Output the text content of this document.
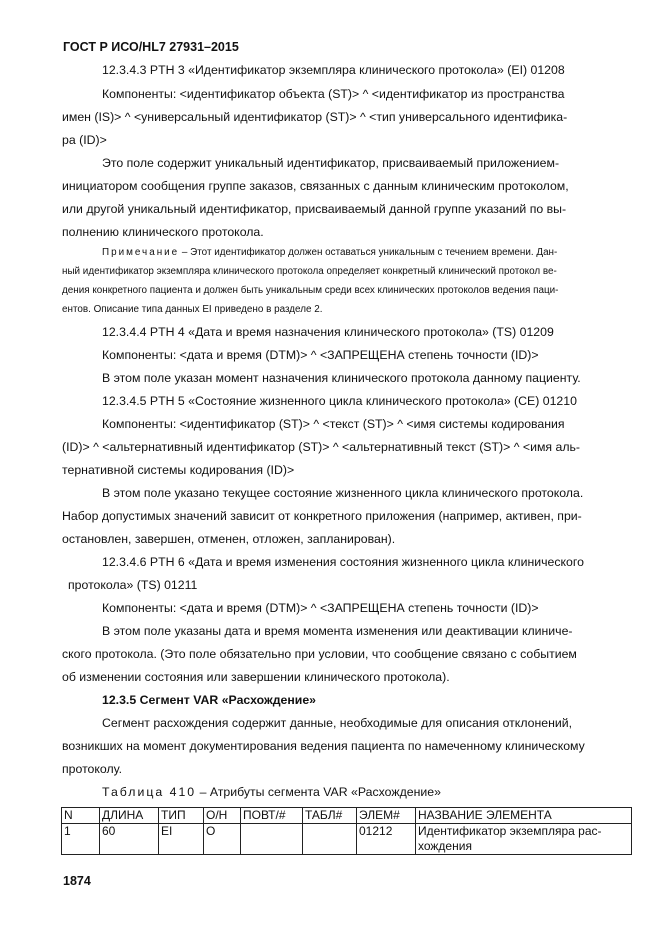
ГОСТ Р ИСО/HL7 27931–2015
12.3.4.3 PTH 3 «Идентификатор экземпляра клинического протокола» (EI) 01208
Компоненты: <идентификатор объекта (ST)> ^ <идентификатор из пространства
имен (IS)> ^ <универсальный идентификатор (ST)> ^ <тип универсального идентифика-
ра (ID)>
Это поле содержит уникальный идентификатор, присваиваемый приложением-
инициатором сообщения группе заказов, связанных с данным клиническим протоколом,
или другой уникальный идентификатор, присваиваемый данной группе указаний по вы-
полнению клинического протокола.
Примечание – Этот идентификатор должен оставаться уникальным с течением времени. Дан-
ный идентификатор экземпляра клинического протокола определяет конкретный клинический протокол ве-
дения конкретного пациента и должен быть уникальным среди всех клинических протоколов ведения паци-
ентов. Описание типа данных EI приведено в разделе 2.
12.3.4.4 PTH 4 «Дата и время назначения клинического протокола» (TS) 01209
Компоненты: <дата и время (DTM)> ^ <ЗАПРЕЩЕНА степень точности (ID)>
В этом поле указан момент назначения клинического протокола данному пациенту.
12.3.4.5 PTH 5 «Состояние жизненного цикла клинического протокола» (CE) 01210
Компоненты: <идентификатор (ST)> ^ <текст (ST)> ^ <имя системы кодирования
(ID)> ^ <альтернативный идентификатор (ST)> ^ <альтернативный текст (ST)> ^ <имя аль-
тернативной системы кодирования (ID)>
В этом поле указано текущее состояние жизненного цикла клинического протокола.
Набор допустимых значений зависит от конкретного приложения (например, активен, при-
остановлен, завершен, отменен, отложен, запланирован).
12.3.4.6 PTH 6 «Дата и время изменения состояния жизненного цикла клинического
протокола» (TS) 01211
Компоненты: <дата и время (DTM)> ^ <ЗАПРЕЩЕНА степень точности (ID)>
В этом поле указаны дата и время момента изменения или деактивации клиниче-
ского протокола. (Это поле обязательно при условии, что сообщение связано с событием
об изменении состояния или завершении клинического протокола).
12.3.5 Сегмент VAR «Расхождение»
Сегмент расхождения содержит данные, необходимые для описания отклонений,
возникших на момент документирования ведения пациента по намеченному клиническому
протоколу.
Таблица 410 – Атрибуты сегмента VAR «Расхождение»
N	ДЛИНА	ТИП	О/Н	ПОВТ/#	ТАБЛ#	ЭЛЕМ#	НАЗВАНИЕ ЭЛЕМЕНТА
1	60	EI	O			01212	Идентификатор экземпляра рас-
хождения
1874
